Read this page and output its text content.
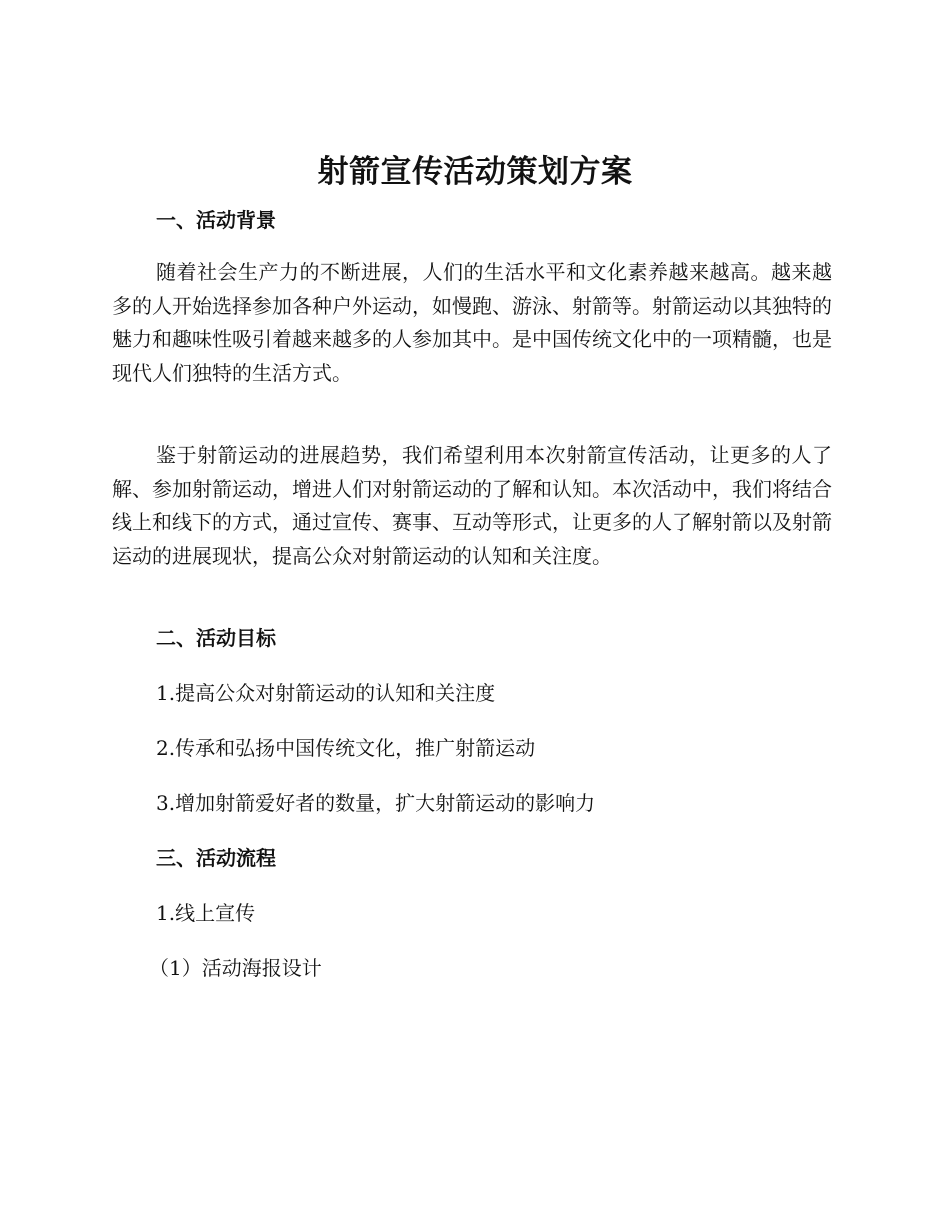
射箭宣传活动策划方案
一、活动背景

随着社会生产力的不断进展，人们的生活水平和文化素养越来越高。越来越多的人开始选择参加各种户外运动，如慢跑、游泳、射箭等。射箭运动以其独特的魅力和趣味性吸引着越来越多的人参加其中。是中国传统文化中的一项精髓，也是现代人们独特的生活方式。

鉴于射箭运动的进展趋势，我们希望利用本次射箭宣传活动，让更多的人了解、参加射箭运动，增进人们对射箭运动的了解和认知。本次活动中，我们将结合线上和线下的方式，通过宣传、赛事、互动等形式，让更多的人了解射箭以及射箭运动的进展现状，提高公众对射箭运动的认知和关注度。

二、活动目标

1.提高公众对射箭运动的认知和关注度

2.传承和弘扬中国传统文化，推广射箭运动

3.增加射箭爱好者的数量，扩大射箭运动的影响力

三、活动流程

1.线上宣传

（1）活动海报设计
